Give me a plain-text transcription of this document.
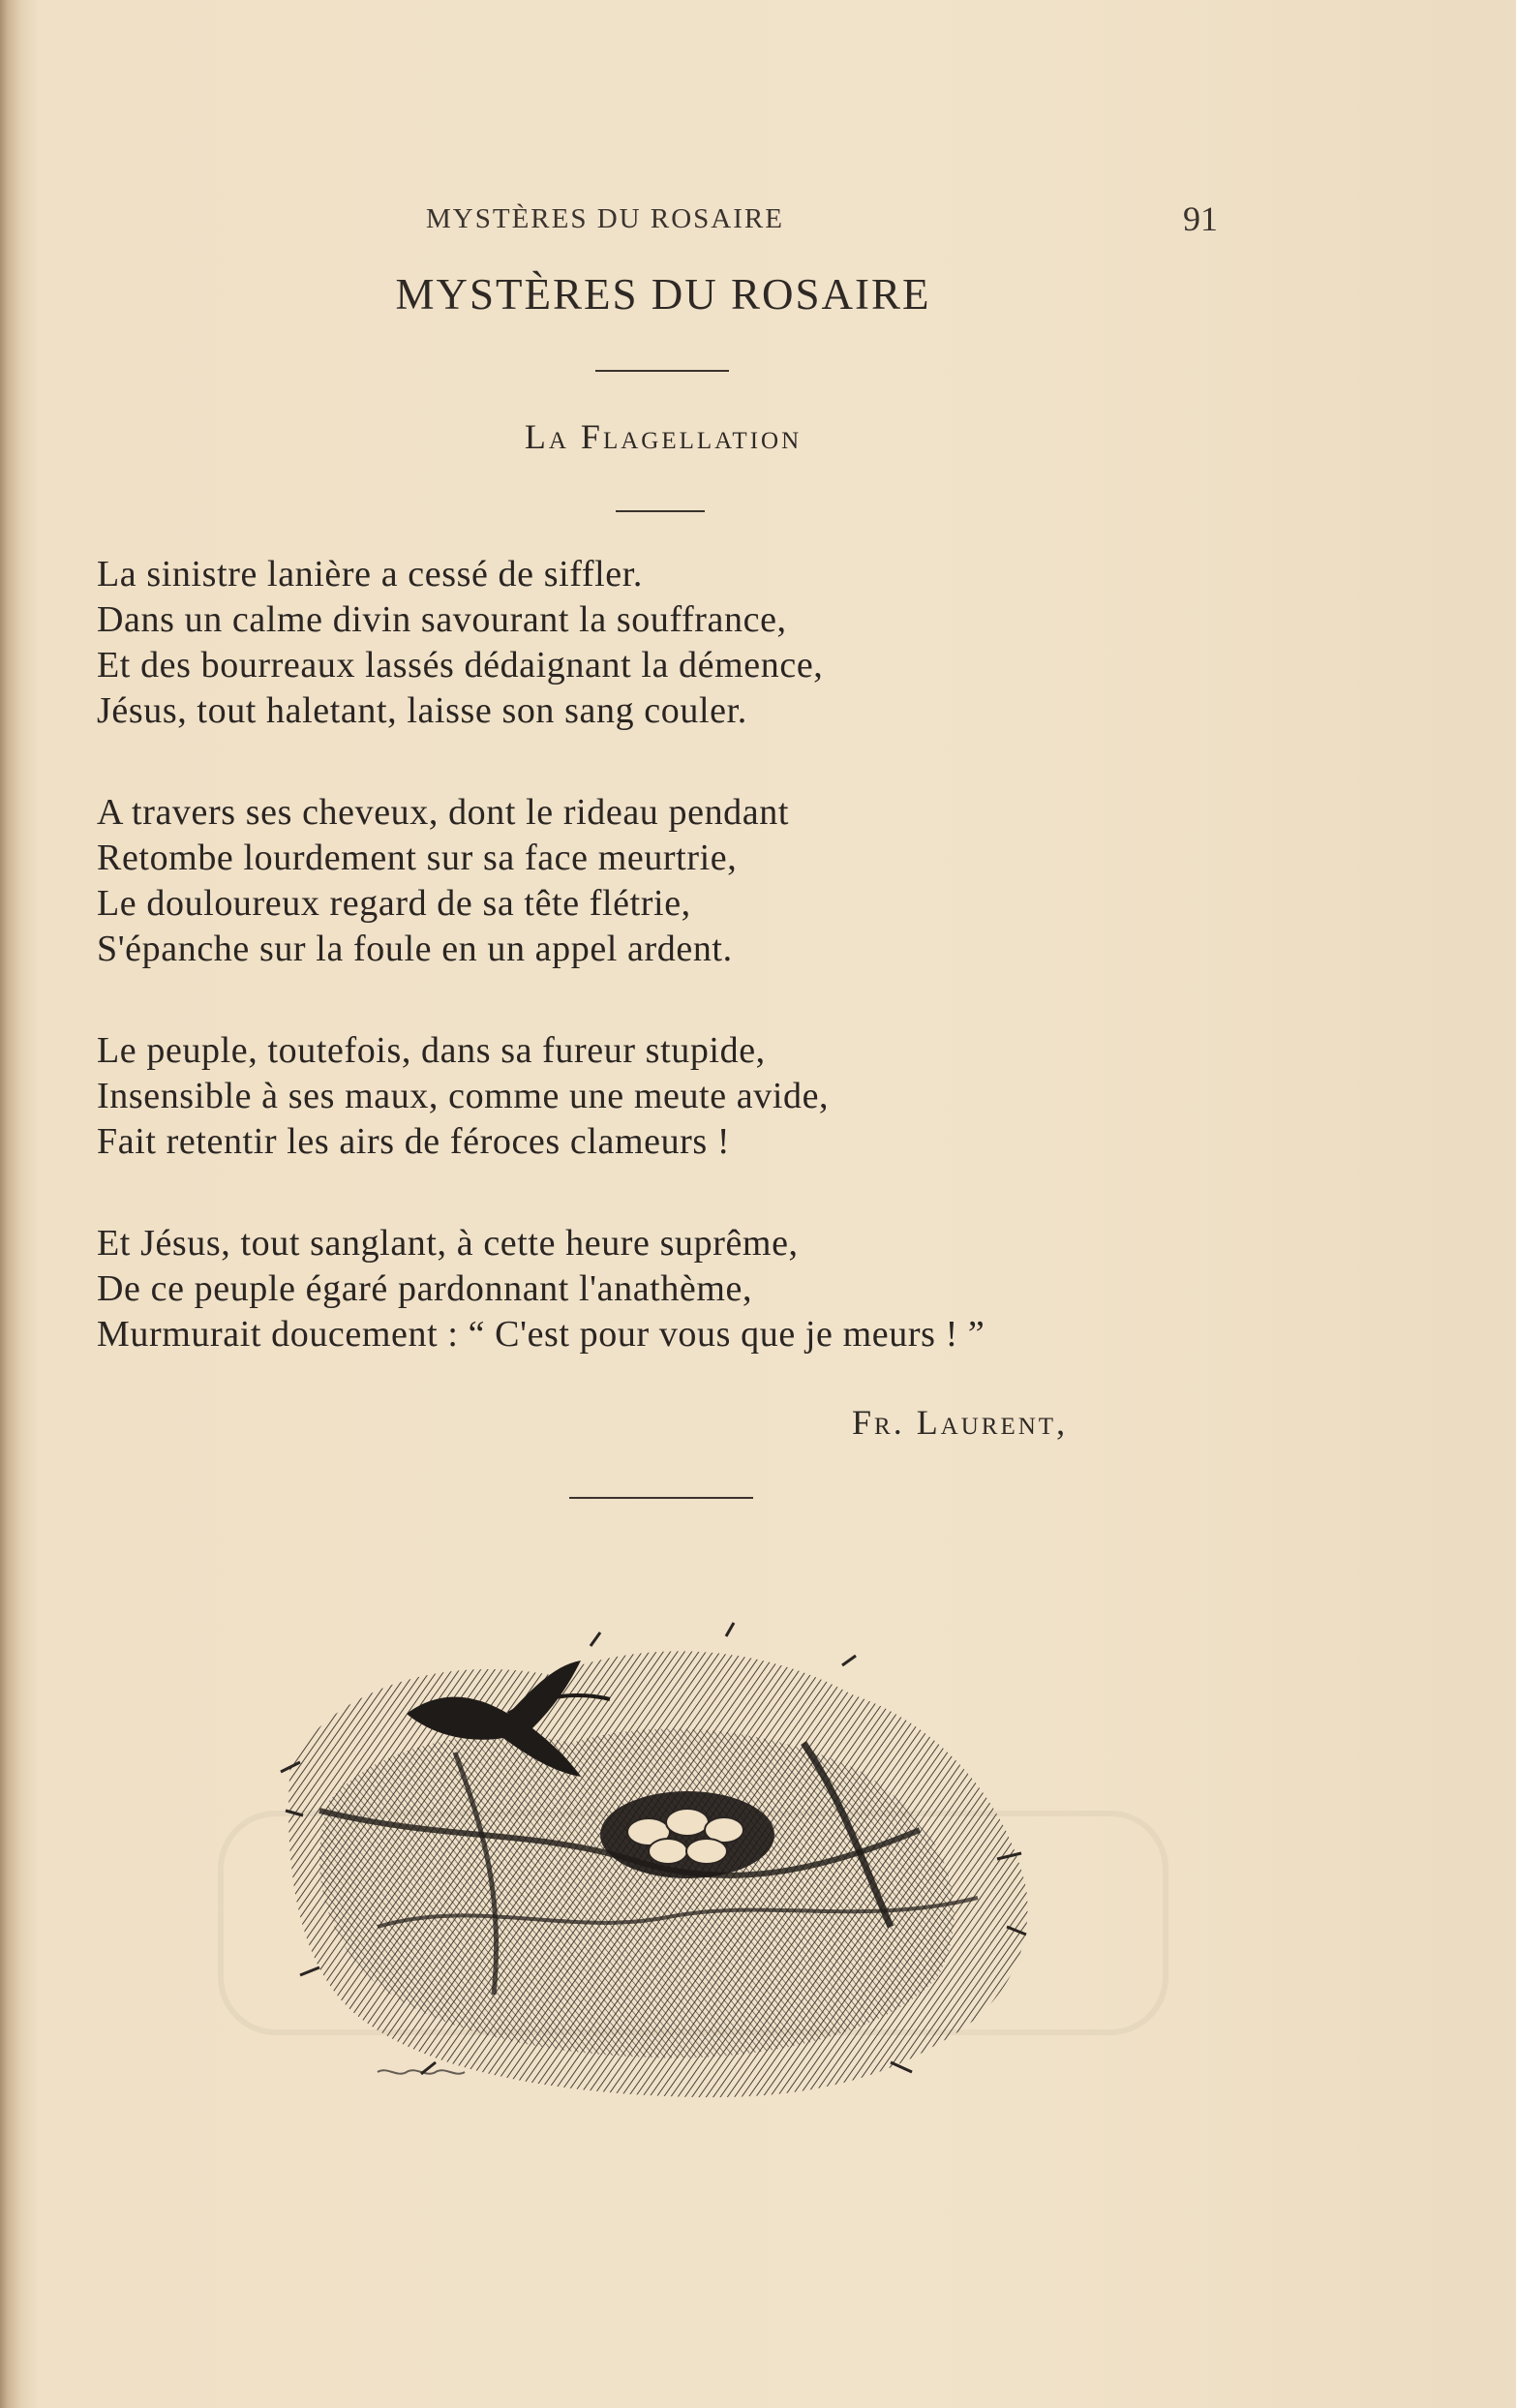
MYSTÈRES DU ROSAIRE	91
MYSTÈRES DU ROSAIRE
La Flagellation
La sinistre lanière a cessé de siffler.
Dans un calme divin savourant la souffrance,
Et des bourreaux lassés dédaignant la démence,
Jésus, tout haletant, laisse son sang couler.
A travers ses cheveux, dont le rideau pendant
Retombe lourdement sur sa face meurtrie,
Le douloureux regard de sa tête flétrie,
S'épanche sur la foule en un appel ardent.
Le peuple, toutefois, dans sa fureur stupide,
Insensible à ses maux, comme une meute avide,
Fait retentir les airs de féroces clameurs !
Et Jésus, tout sanglant, à cette heure suprême,
De ce peuple égaré pardonnant l'anathème,
Murmurait doucement : “ C'est pour vous que je meurs ! ”
Fr. Laurent,
